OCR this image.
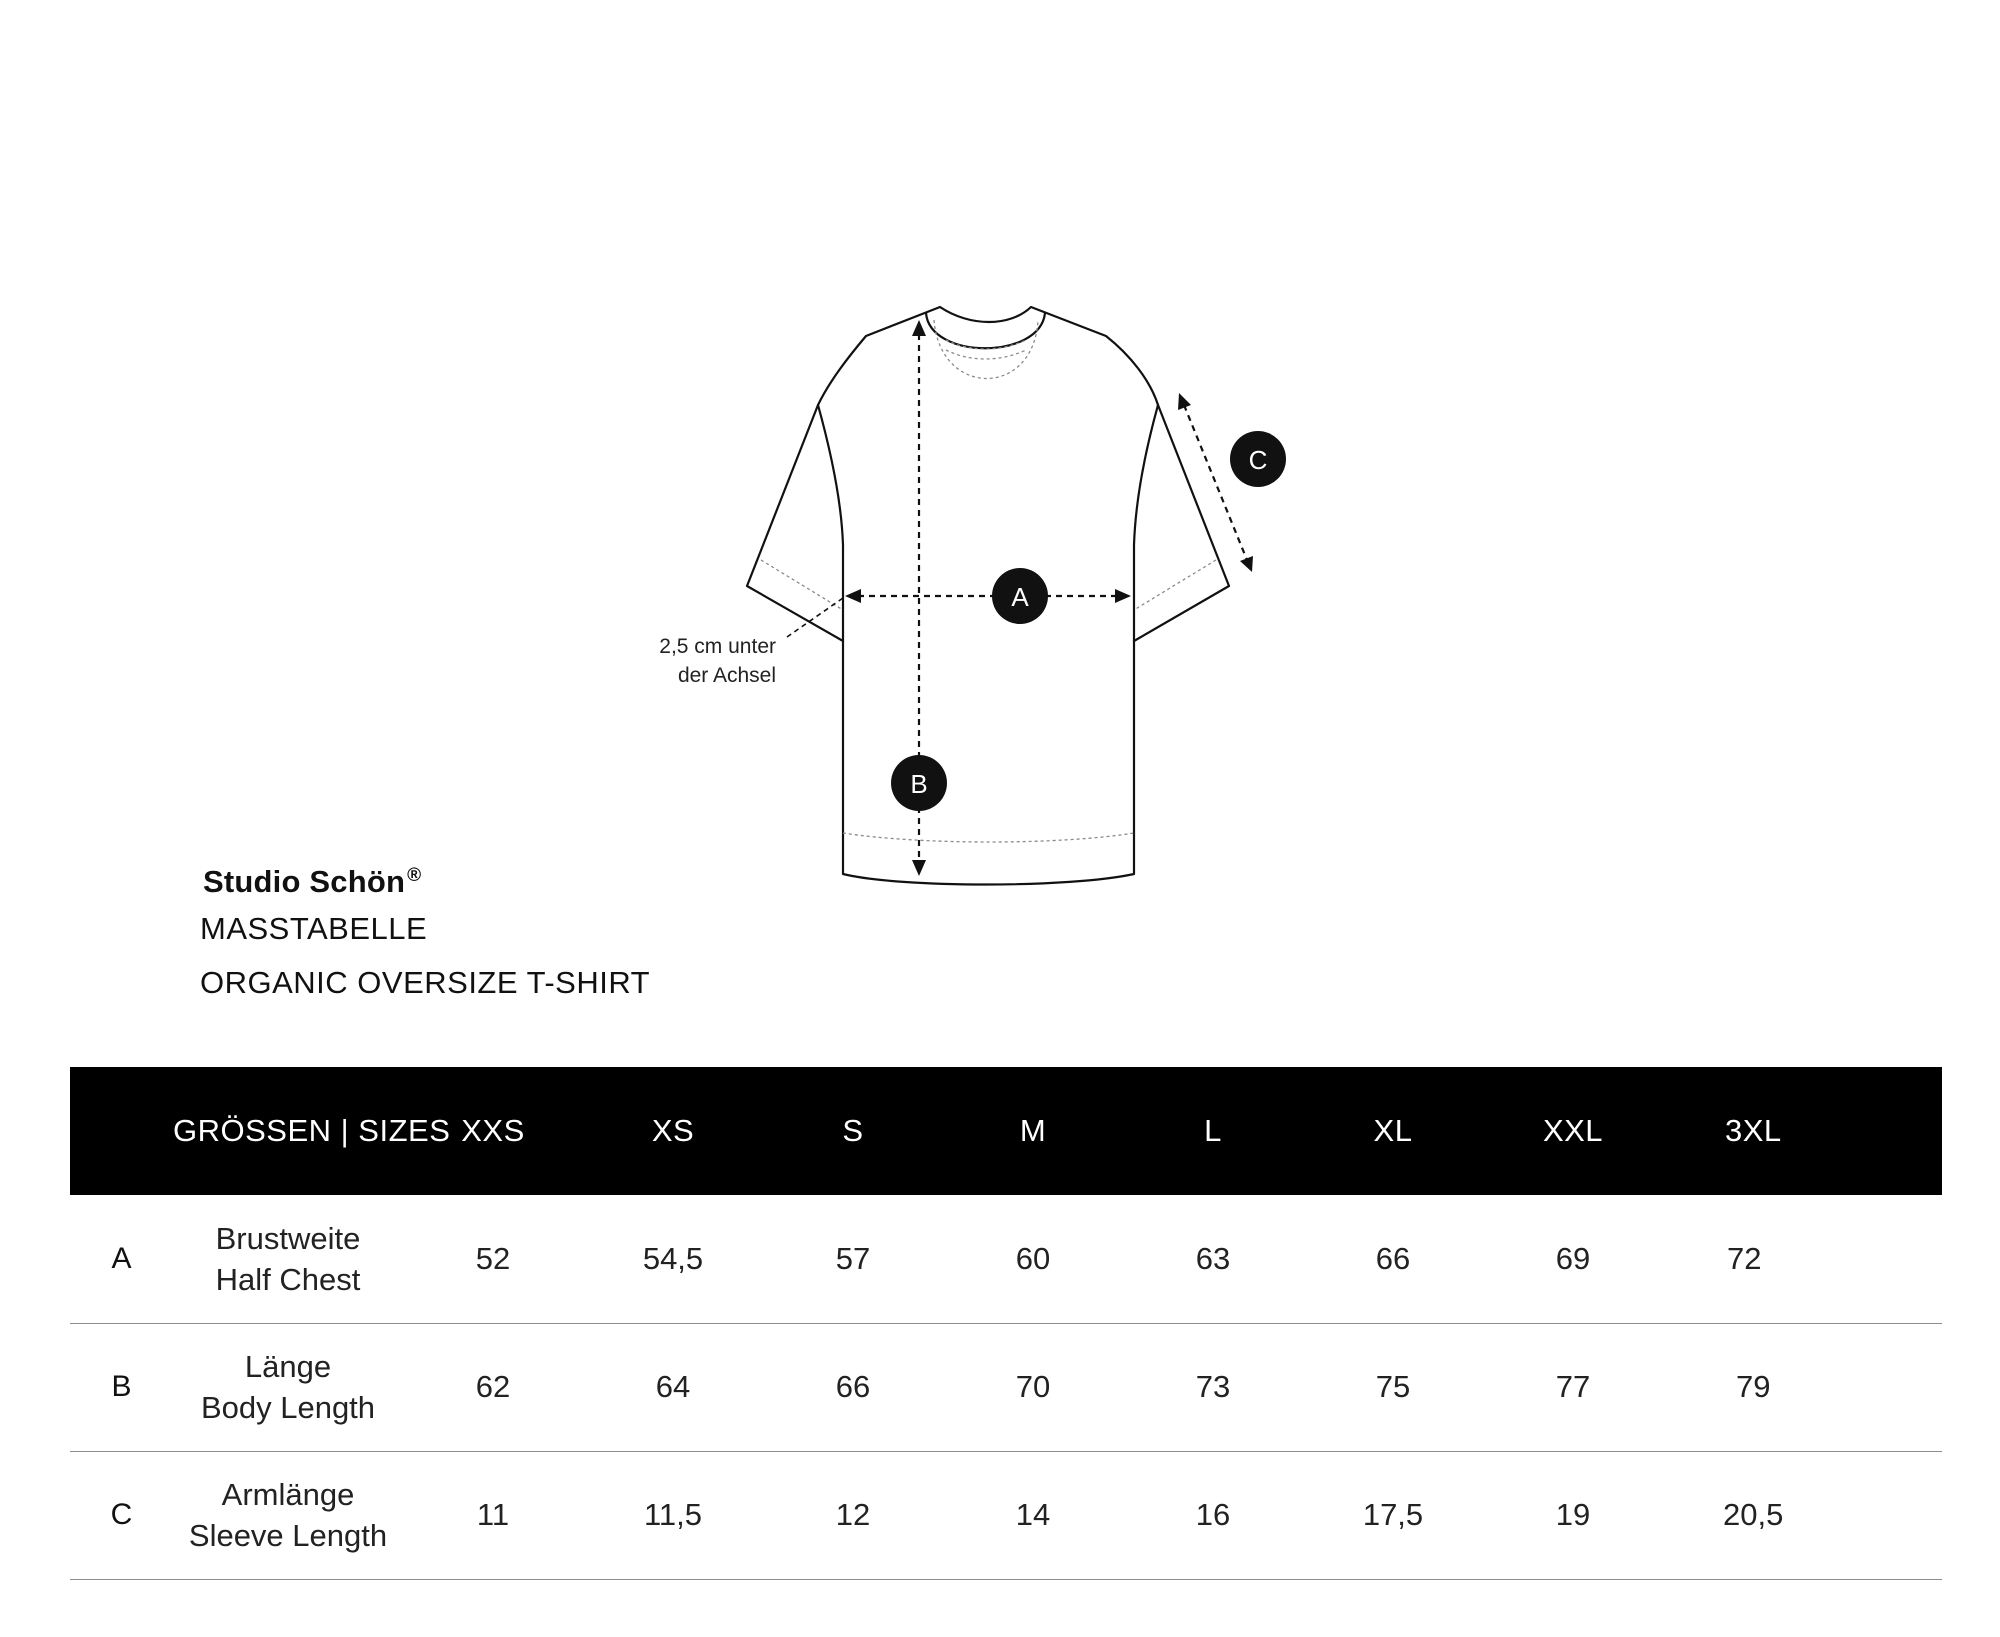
A
B
C
2,5 cm unter
der Achsel
Studio Schön ®
MASSTABELLE
ORGANIC OVERSIZE T-SHIRT
	GRÖSSEN | SIZES	XXS	XS	S	M	L	XL	XXL	3XL
A	Brustweite
Half Chest	52	54,5	57	60	63	66	69	72
B	Länge
Body Length	62	64	66	70	73	75	77	79
C	Armlänge
Sleeve Length	11	11,5	12	14	16	17,5	19	20,5
